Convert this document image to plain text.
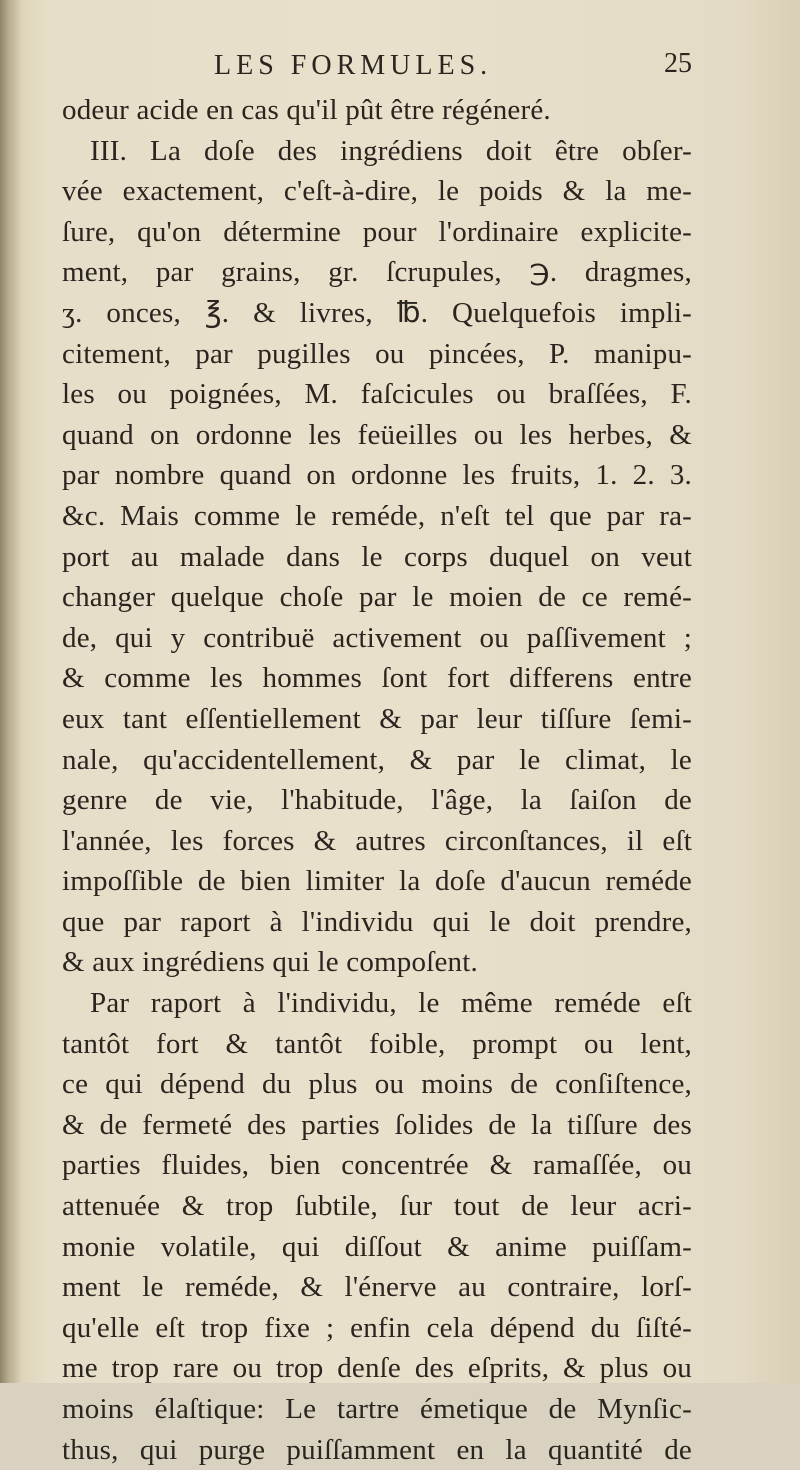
LES FORMULES.	25
odeur acide en cas qu'il pût être régéneré.
III. La doſe des ingrédiens doit être obſer-
vée exactement, c'eſt-à-dire, le poids & la me-
ſure, qu'on détermine pour l'ordinaire explicite-
ment, par grains, gr. ſcrupules, ℈. dragmes,
ʒ. onces, ℥. & livres, ℔. Quelquefois impli-
citement, par pugilles ou pincées, P. manipu-
les ou poignées, M. faſcicules ou braſſées, F.
quand on ordonne les feüeilles ou les herbes, &
par nombre quand on ordonne les fruits, 1. 2. 3.
&c. Mais comme le reméde, n'eſt tel que par ra-
port au malade dans le corps duquel on veut
changer quelque choſe par le moien de ce remé-
de, qui y contribuë activement ou paſſivement ;
& comme les hommes ſont fort differens entre
eux tant eſſentiellement & par leur tiſſure ſemi-
nale, qu'accidentellement, & par le climat, le
genre de vie, l'habitude, l'âge, la ſaiſon de
l'année, les forces & autres circonſtances, il eſt
impoſſible de bien limiter la doſe d'aucun reméde
que par raport à l'individu qui le doit prendre,
& aux ingrédiens qui le compoſent.
Par raport à l'individu, le même reméde eſt
tantôt fort & tantôt foible, prompt ou lent,
ce qui dépend du plus ou moins de conſiſtence,
& de fermeté des parties ſolides de la tiſſure des
parties fluides, bien concentrée & ramaſſée, ou
attenuée & trop ſubtile, ſur tout de leur acri-
monie volatile, qui diſſout & anime puiſſam-
ment le reméde, & l'énerve au contraire, lorſ-
qu'elle eſt trop fixe ; enfin cela dépend du ſiſté-
me trop rare ou trop denſe des eſprits, & plus ou
moins élaſtique: Le tartre émetique de Mynſic-
thus, qui purge puiſſamment en la quantité de
